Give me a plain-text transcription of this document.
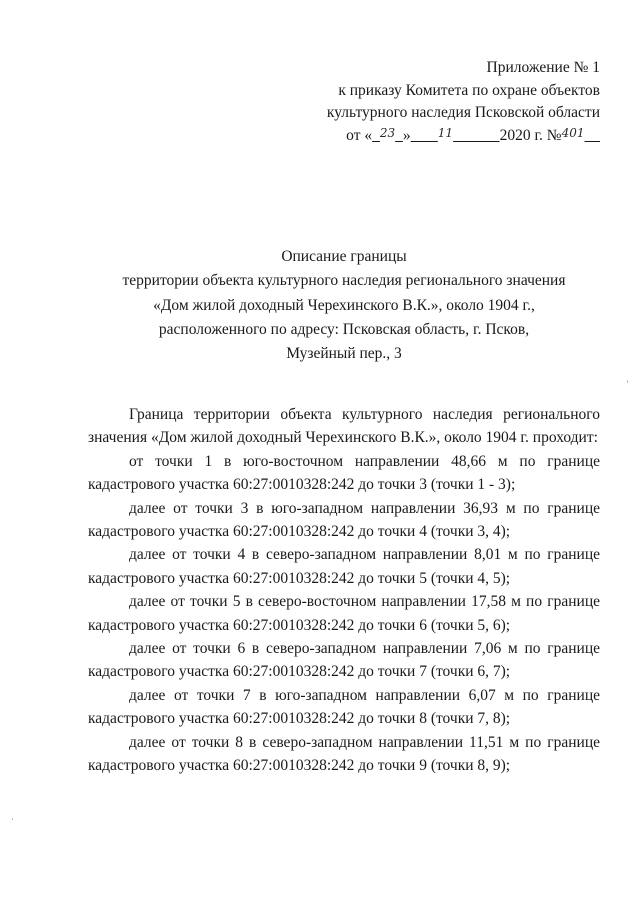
Приложение № 1
к приказу Комитета по охране объектов
культурного наследия Псковской области
от « 23 » 11	2020 г. №401
Описание границы
территории объекта культурного наследия регионального значения
«Дом жилой доходный Черехинского В.К.», около 1904 г.,
расположенного по адресу: Псковская область, г. Псков,
Музейный пер., 3

Граница территории объекта культурного наследия регионального значения «Дом жилой доходный Черехинского В.К.», около 1904 г. проходит:

от точки 1 в юго-восточном направлении 48,66 м по границе кадастрового участка 60:27:0010328:242 до точки 3 (точки 1 - 3);

далее от точки 3 в юго-западном направлении 36,93 м по границе кадастрового участка 60:27:0010328:242 до точки 4 (точки 3, 4);

далее от точки 4 в северо-западном направлении 8,01 м по границе кадастрового участка 60:27:0010328:242 до точки 5 (точки 4, 5);

далее от точки 5 в северо-восточном направлении 17,58 м по границе кадастрового участка 60:27:0010328:242 до точки 6 (точки 5, 6);

далее от точки 6 в северо-западном направлении 7,06 м по границе кадастрового участка 60:27:0010328:242 до точки 7 (точки 6, 7);

далее от точки 7 в юго-западном направлении 6,07 м по границе кадастрового участка 60:27:0010328:242 до точки 8 (точки 7, 8);

далее от точки 8 в северо-западном направлении 11,51 м по границе кадастрового участка 60:27:0010328:242 до точки 9 (точки 8, 9);
